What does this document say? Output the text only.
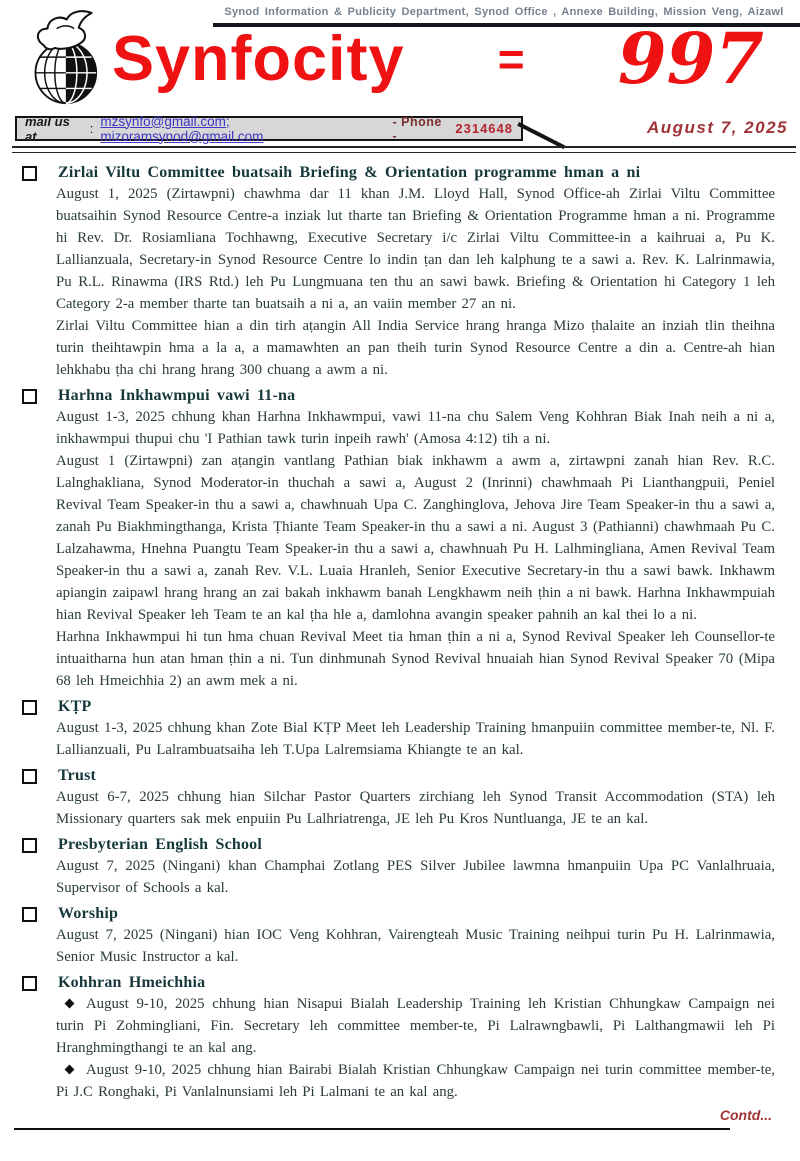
Synod Information & Publicity Department, Synod Office , Annexe Building, Mission Veng, Aizawl
Synfocity = 997
mail us at	: mzsynfo@gmail.com; mizoramsynod@gmail.com
- Phone -	2314648	August 7, 2025
Zirlai Viltu Committee buatsaih Briefing & Orientation programme hman a ni

August 1, 2025 (Zirtawpni) chawhma dar 11 khan J.M. Lloyd Hall, Synod Office-ah Zirlai Viltu Committee buatsaihin Synod Resource Centre-a inziak lut tharte tan Briefing & Orientation Programme hman a ni. Programme hi Rev. Dr. Rosiamliana Tochhawng, Executive Secretary i/c Zirlai Viltu Committee-in a kaihruai a, Pu K. Lallianzuala, Secretary-in Synod Resource Centre lo indin ṭan dan leh kalphung te a sawi a. Rev. K. Lalrinmawia, Pu R.L. Rinawma (IRS Rtd.) leh Pu Lungmuana ten thu an sawi bawk. Briefing & Orientation hi Category 1 leh Category 2-a member tharte tan buatsaih a ni a, an vaiin member 27 an ni.

Zirlai Viltu Committee hian a din tirh aṭangin All India Service hrang hranga Mizo ṭhalaite an inziah tlin theihna turin theihtawpin hma a la a, a mamawhten an pan theih turin Synod Resource Centre a din a. Centre-ah hian lehkhabu ṭha chi hrang hrang 300 chuang a awm a ni.

Harhna Inkhawmpui vawi 11-na

August 1-3, 2025 chhung khan Harhna Inkhawmpui, vawi 11-na chu Salem Veng Kohhran Biak Inah neih a ni a, inkhawmpui thupui chu 'I Pathian tawk turin inpeih rawh' (Amosa 4:12) tih a ni.

August 1 (Zirtawpni) zan aṭangin vantlang Pathian biak inkhawm a awm a, zirtawpni zanah hian Rev. R.C. Lalnghakliana, Synod Moderator-in thuchah a sawi a, August 2 (Inrinni) chawhmaah Pi Lianthangpuii, Peniel Revival Team Speaker-in thu a sawi a, chawhnuah Upa C. Zanghinglova, Jehova Jire Team Speaker-in thu a sawi a, zanah Pu Biakhmingthanga, Krista Ṭhiante Team Speaker-in thu a sawi a ni. August 3 (Pathianni) chawhmaah Pu C. Lalzahawma, Hnehna Puangtu Team Speaker-in thu a sawi a, chawhnuah Pu H. Lalhmingliana, Amen Revival Team Speaker-in thu a sawi a, zanah Rev. V.L. Luaia Hranleh, Senior Executive Secretary-in thu a sawi bawk. Inkhawm apiangin zaipawl hrang hrang an zai bakah inkhawm banah Lengkhawm neih ṭhin a ni bawk. Harhna Inkhawmpuiah hian Revival Speaker leh Team te an kal ṭha hle a, damlohna avangin speaker pahnih an kal thei lo a ni.

Harhna Inkhawmpui hi tun hma chuan Revival Meet tia hman ṭhin a ni a, Synod Revival Speaker leh Counsellor-te intuaitharna hun atan hman ṭhin a ni. Tun dinhmunah Synod Revival hnuaiah hian Synod Revival Speaker 70 (Mipa 68 leh Hmeichhia 2) an awm mek a ni.

KṬP

August 1-3, 2025 chhung khan Zote Bial KṬP Meet leh Leadership Training hmanpuiin committee member-te, Nl. F. Lallianzuali, Pu Lalrambuatsaiha leh T.Upa Lalremsiama Khiangte te an kal.

Trust

August 6-7, 2025 chhung hian Silchar Pastor Quarters zirchiang leh Synod Transit Accommodation (STA) leh Missionary quarters sak mek enpuiin Pu Lalhriatrenga, JE leh Pu Kros Nuntluanga, JE te an kal.

Presbyterian English School

August 7, 2025 (Ningani) khan Champhai Zotlang PES Silver Jubilee lawmna hmanpuiin Upa PC Vanlalhruaia, Supervisor of Schools a kal.

Worship

August 7, 2025 (Ningani) hian IOC Veng Kohhran, Vairengteah Music Training neihpui turin Pu H. Lalrinmawia, Senior Music Instructor a kal.

Kohhran Hmeichhia

August 9-10, 2025 chhung hian Nisapui Bialah Leadership Training leh Kristian Chhungkaw Campaign nei turin Pi Zohmingliani, Fin. Secretary leh committee member-te, Pi Lalrawngbawli, Pi Lalthangmawii leh Pi Hranghmingthangi te an kal ang.

August 9-10, 2025 chhung hian Bairabi Bialah Kristian Chhungkaw Campaign nei turin committee member-te, Pi J.C Ronghaki, Pi Vanlalnunsiami leh Pi Lalmani te an kal ang.

Contd...
